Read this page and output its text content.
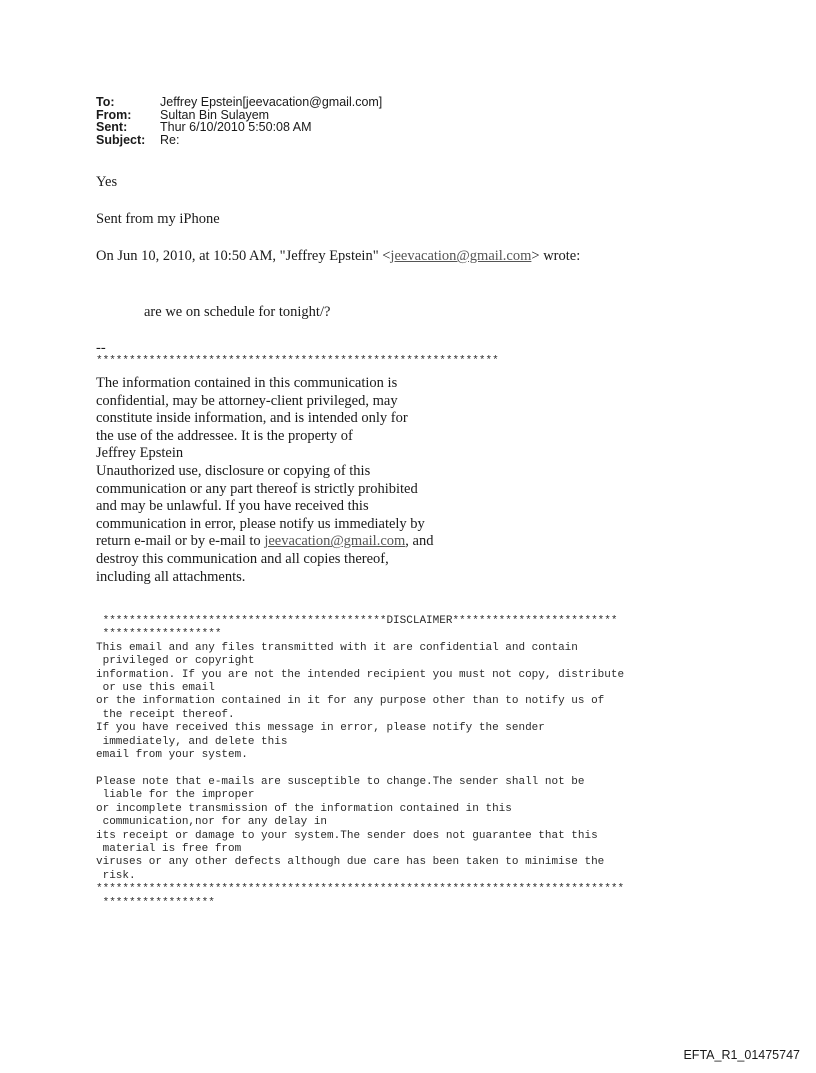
To:	Jeffrey Epstein[jeevacation@gmail.com]
From:	Sultan Bin Sulayem
Sent:	Thur 6/10/2010 5:50:08 AM
Subject:	Re:
Yes
Sent from my iPhone
On Jun 10, 2010, at 10:50 AM, "Jeffrey Epstein" <jeevacation@gmail.com> wrote:
are we on schedule for tonight/?
--
*************************************************************
The information contained in this communication is
confidential, may be attorney-client privileged, may
constitute inside information, and is intended only for
the use of the addressee. It is the property of
Jeffrey Epstein
Unauthorized use, disclosure or copying of this
communication or any part thereof is strictly prohibited
and may be unlawful. If you have received this
communication in error, please notify us immediately by
return e-mail or by e-mail to jeevacation@gmail.com, and
destroy this communication and all copies thereof,
including all attachments.
*******************************************DISCLAIMER*************************
******************
This email and any files transmitted with it are confidential and contain
privileged or copyright
information. If you are not the intended recipient you must not copy, distribute
or use this email
or the information contained in it for any purpose other than to notify us of
the receipt thereof.
If you have received this message in error, please notify the sender
immediately, and delete this
email from your system.

Please note that e-mails are susceptible to change.The sender shall not be
liable for the improper
or incomplete transmission of the information contained in this
communication,nor for any delay in
its receipt or damage to your system.The sender does not guarantee that this
material is free from
viruses or any other defects although due care has been taken to minimise the
risk.
********************************************************************************
*****************
EFTA_R1_01475747
